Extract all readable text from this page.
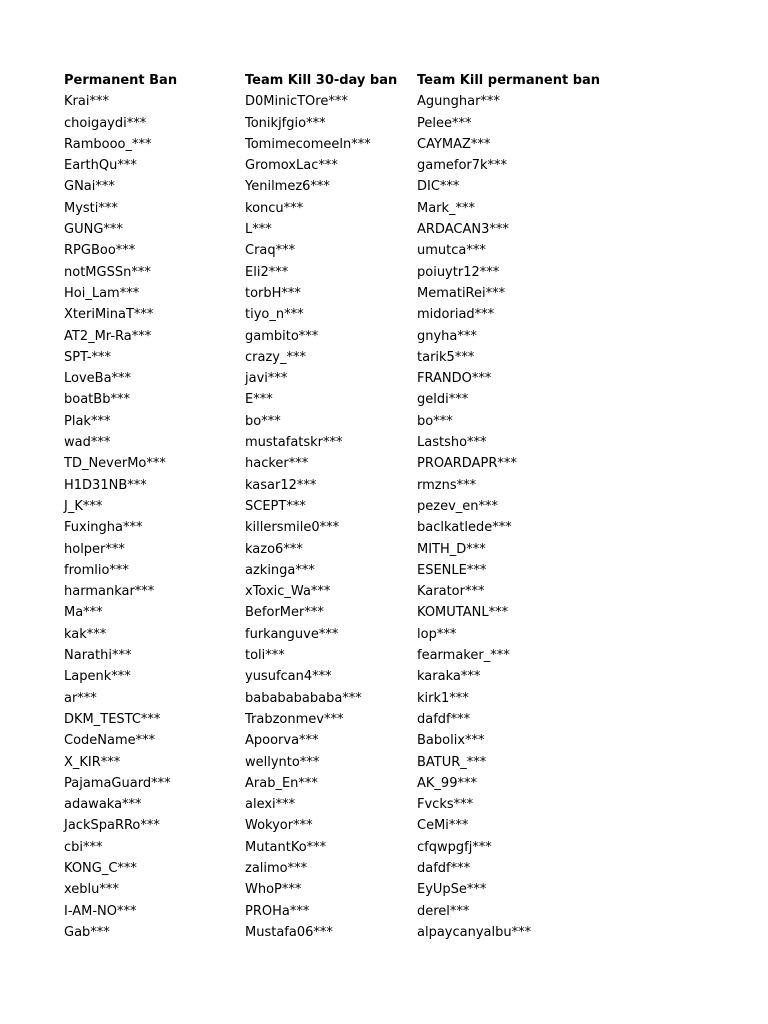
Permanent Ban	Team Kill 30-day ban	Team Kill permanent ban
Krai***	D0MinicTOre***	Agunghar***
choigaydi***	Tonikjfgio***	Pelee***
Rambooo_***	Tomimecomeeln***	CAYMAZ***
EarthQu***	GromoxLac***	gamefor7k***
GNai***	Yenilmez6***	DIC***
Mysti***	koncu***	Mark_***
GUNG***	L***	ARDACAN3***
RPGBoo***	Craq***	umutca***
notMGSSn***	Eli2***	poiuytr12***
Hoi_Lam***	torbH***	MematiRei***
XteriMinaT***	tiyo_n***	midoriad***
AT2_Mr-Ra***	gambito***	gnyha***
SPT-***	crazy_***	tarik5***
LoveBa***	javi***	FRANDO***
boatBb***	E***	geldi***
Plak***	bo***	bo***
wad***	mustafatskr***	Lastsho***
TD_NeverMo***	hacker***	PROARDAPR***
H1D31NB***	kasar12***	rmzns***
J_K***	SCEPT***	pezev_en***
Fuxingha***	killersmile0***	baclkatlede***
holper***	kazo6***	MITH_D***
fromlio***	azkinga***	ESENLE***
harmankar***	xToxic_Wa***	Karator***
Ma***	BeforMer***	KOMUTANL***
kak***	furkanguve***	lop***
Narathi***	toli***	fearmaker_***
Lapenk***	yusufcan4***	karaka***
ar***	babababababa***	kirk1***
DKM_TESTC***	Trabzonmev***	dafdf***
CodeName***	Apoorva***	Babolix***
X_KIR***	wellynto***	BATUR_***
PajamaGuard***	Arab_En***	AK_99***
adawaka***	alexi***	Fvcks***
JackSpaRRo***	Wokyor***	CeMi***
cbi***	MutantKo***	cfqwpgfj***
KONG_C***	zalimo***	dafdf***
xeblu***	WhoP***	EyUpSe***
I-AM-NO***	PROHa***	derel***
Gab***	Mustafa06***	alpaycanyalbu***
